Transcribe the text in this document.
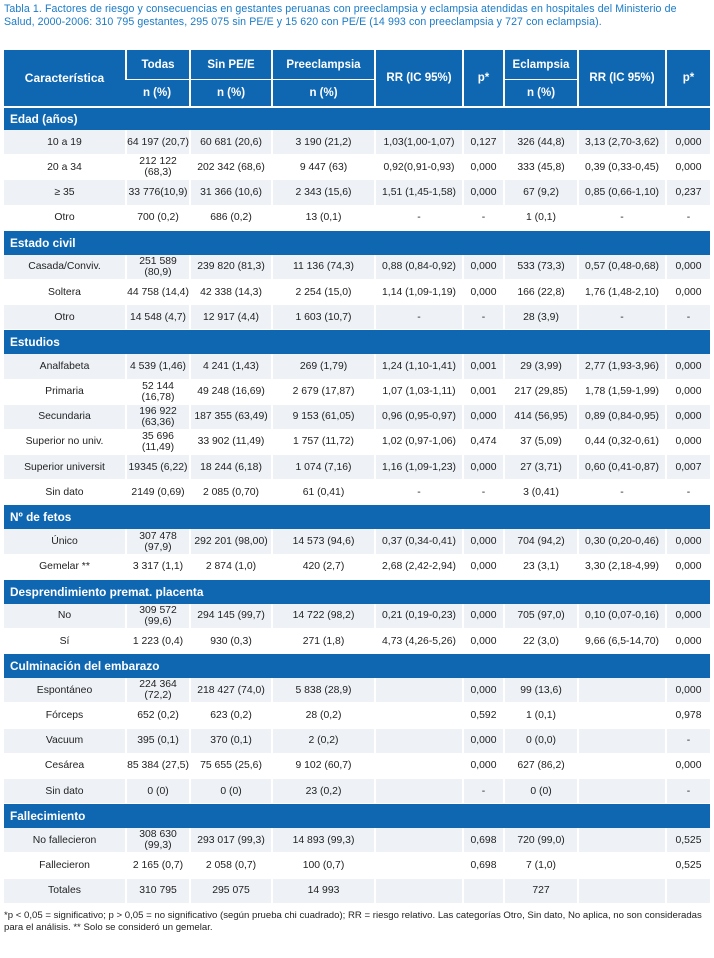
Tabla 1. Factores de riesgo y consecuencias en gestantes peruanas con preeclampsia y eclampsia atendidas en hospitales del Ministerio de Salud, 2000-2006: 310 795 gestantes, 295 075 sin PE/E y 15 620 con PE/E (14 993 con preeclampsia y 727 con eclampsia).
Característica	Todas	Sin PE/E	Preeclampsia	RR (IC 95%)	p*	Eclampsia	RR (IC 95%)	p*
	n (%)	n (%)	n (%)			n (%)		
Edad (años)								
10 a 19	64 197 (20,7)	60 681 (20,6)	3 190 (21,2)	1,03(1,00-1,07)	0,127	326 (44,8)	3,13 (2,70-3,62)	0,000
20 a 34	212 122 (68,3)	202 342 (68,6)	9 447 (63)	0,92(0,91-0,93)	0,000	333 (45,8)	0,39 (0,33-0,45)	0,000
≥ 35	33 776(10,9)	31 366 (10,6)	2 343 (15,6)	1,51 (1,45-1,58)	0,000	67 (9,2)	0,85 (0,66-1,10)	0,237
Otro	700 (0,2)	686 (0,2)	13 (0,1)	-	-	1 (0,1)	-	-
Estado civil								
Casada/Conviv.	251 589 (80,9)	239 820 (81,3)	11 136 (74,3)	0,88 (0,84-0,92)	0,000	533 (73,3)	0,57 (0,48-0,68)	0,000
Soltera	44 758 (14,4)	42 338 (14,3)	2 254 (15,0)	1,14 (1,09-1,19)	0,000	166 (22,8)	1,76 (1,48-2,10)	0,000
Otro	14 548 (4,7)	12 917 (4,4)	1 603 (10,7)	-	-	28 (3,9)	-	-
Estudios								
Analfabeta	4 539 (1,46)	4 241 (1,43)	269 (1,79)	1,24 (1,10-1,41)	0,001	29 (3,99)	2,77 (1,93-3,96)	0,000
Primaria	52 144 (16,78)	49 248 (16,69)	2 679 (17,87)	1,07 (1,03-1,11)	0,001	217 (29,85)	1,78 (1,59-1,99)	0,000
Secundaria	196 922 (63,36)	187 355 (63,49)	9 153 (61,05)	0,96 (0,95-0,97)	0,000	414 (56,95)	0,89 (0,84-0,95)	0,000
Superior no univ.	35 696 (11,49)	33 902 (11,49)	1 757 (11,72)	1,02 (0,97-1,06)	0,474	37 (5,09)	0,44 (0,32-0,61)	0,000
Superior universit	19345 (6,22)	18 244 (6,18)	1 074 (7,16)	1,16 (1,09-1,23)	0,000	27 (3,71)	0,60 (0,41-0,87)	0,007
Sin dato	2149 (0,69)	2 085 (0,70)	61 (0,41)	-	-	3 (0,41)	-	-
Nº de fetos								
Único	307 478 (97,9)	292 201 (98,00)	14 573 (94,6)	0,37 (0,34-0,41)	0,000	704 (94,2)	0,30 (0,20-0,46)	0,000
Gemelar **	3 317 (1,1)	2 874 (1,0)	420 (2,7)	2,68 (2,42-2,94)	0,000	23 (3,1)	3,30 (2,18-4,99)	0,000
Desprendimiento premat. placenta								
No	309 572 (99,6)	294 145 (99,7)	14 722 (98,2)	0,21 (0,19-0,23)	0,000	705 (97,0)	0,10 (0,07-0,16)	0,000
Sí	1 223 (0,4)	930 (0,3)	271 (1,8)	4,73 (4,26-5,26)	0,000	22 (3,0)	9,66 (6,5-14,70)	0,000
Culminación del embarazo								
Espontáneo	224 364 (72,2)	218 427 (74,0)	5 838 (28,9)		0,000	99 (13,6)		0,000
Fórceps	652 (0,2)	623 (0,2)	28 (0,2)		0,592	1 (0,1)		0,978
Vacuum	395 (0,1)	370 (0,1)	2 (0,2)		0,000	0 (0,0)		-
Cesárea	85 384 (27,5)	75 655 (25,6)	9 102 (60,7)		0,000	627 (86,2)		0,000
Sin dato	0 (0)	0 (0)	23 (0,2)		-	0 (0)		-
Fallecimiento								
No fallecieron	308 630 (99,3)	293 017 (99,3)	14 893 (99,3)		0,698	720 (99,0)		0,525
Fallecieron	2 165 (0,7)	2 058 (0,7)	100 (0,7)		0,698	7 (1,0)		0,525
Totales	310 795	295 075	14 993			727		
*p < 0,05 = significativo; p > 0,05 = no significativo (según prueba chi cuadrado); RR = riesgo relativo. Las categorías Otro, Sin dato, No aplica, no son consideradas para el análisis. ** Solo se consideró un gemelar.
